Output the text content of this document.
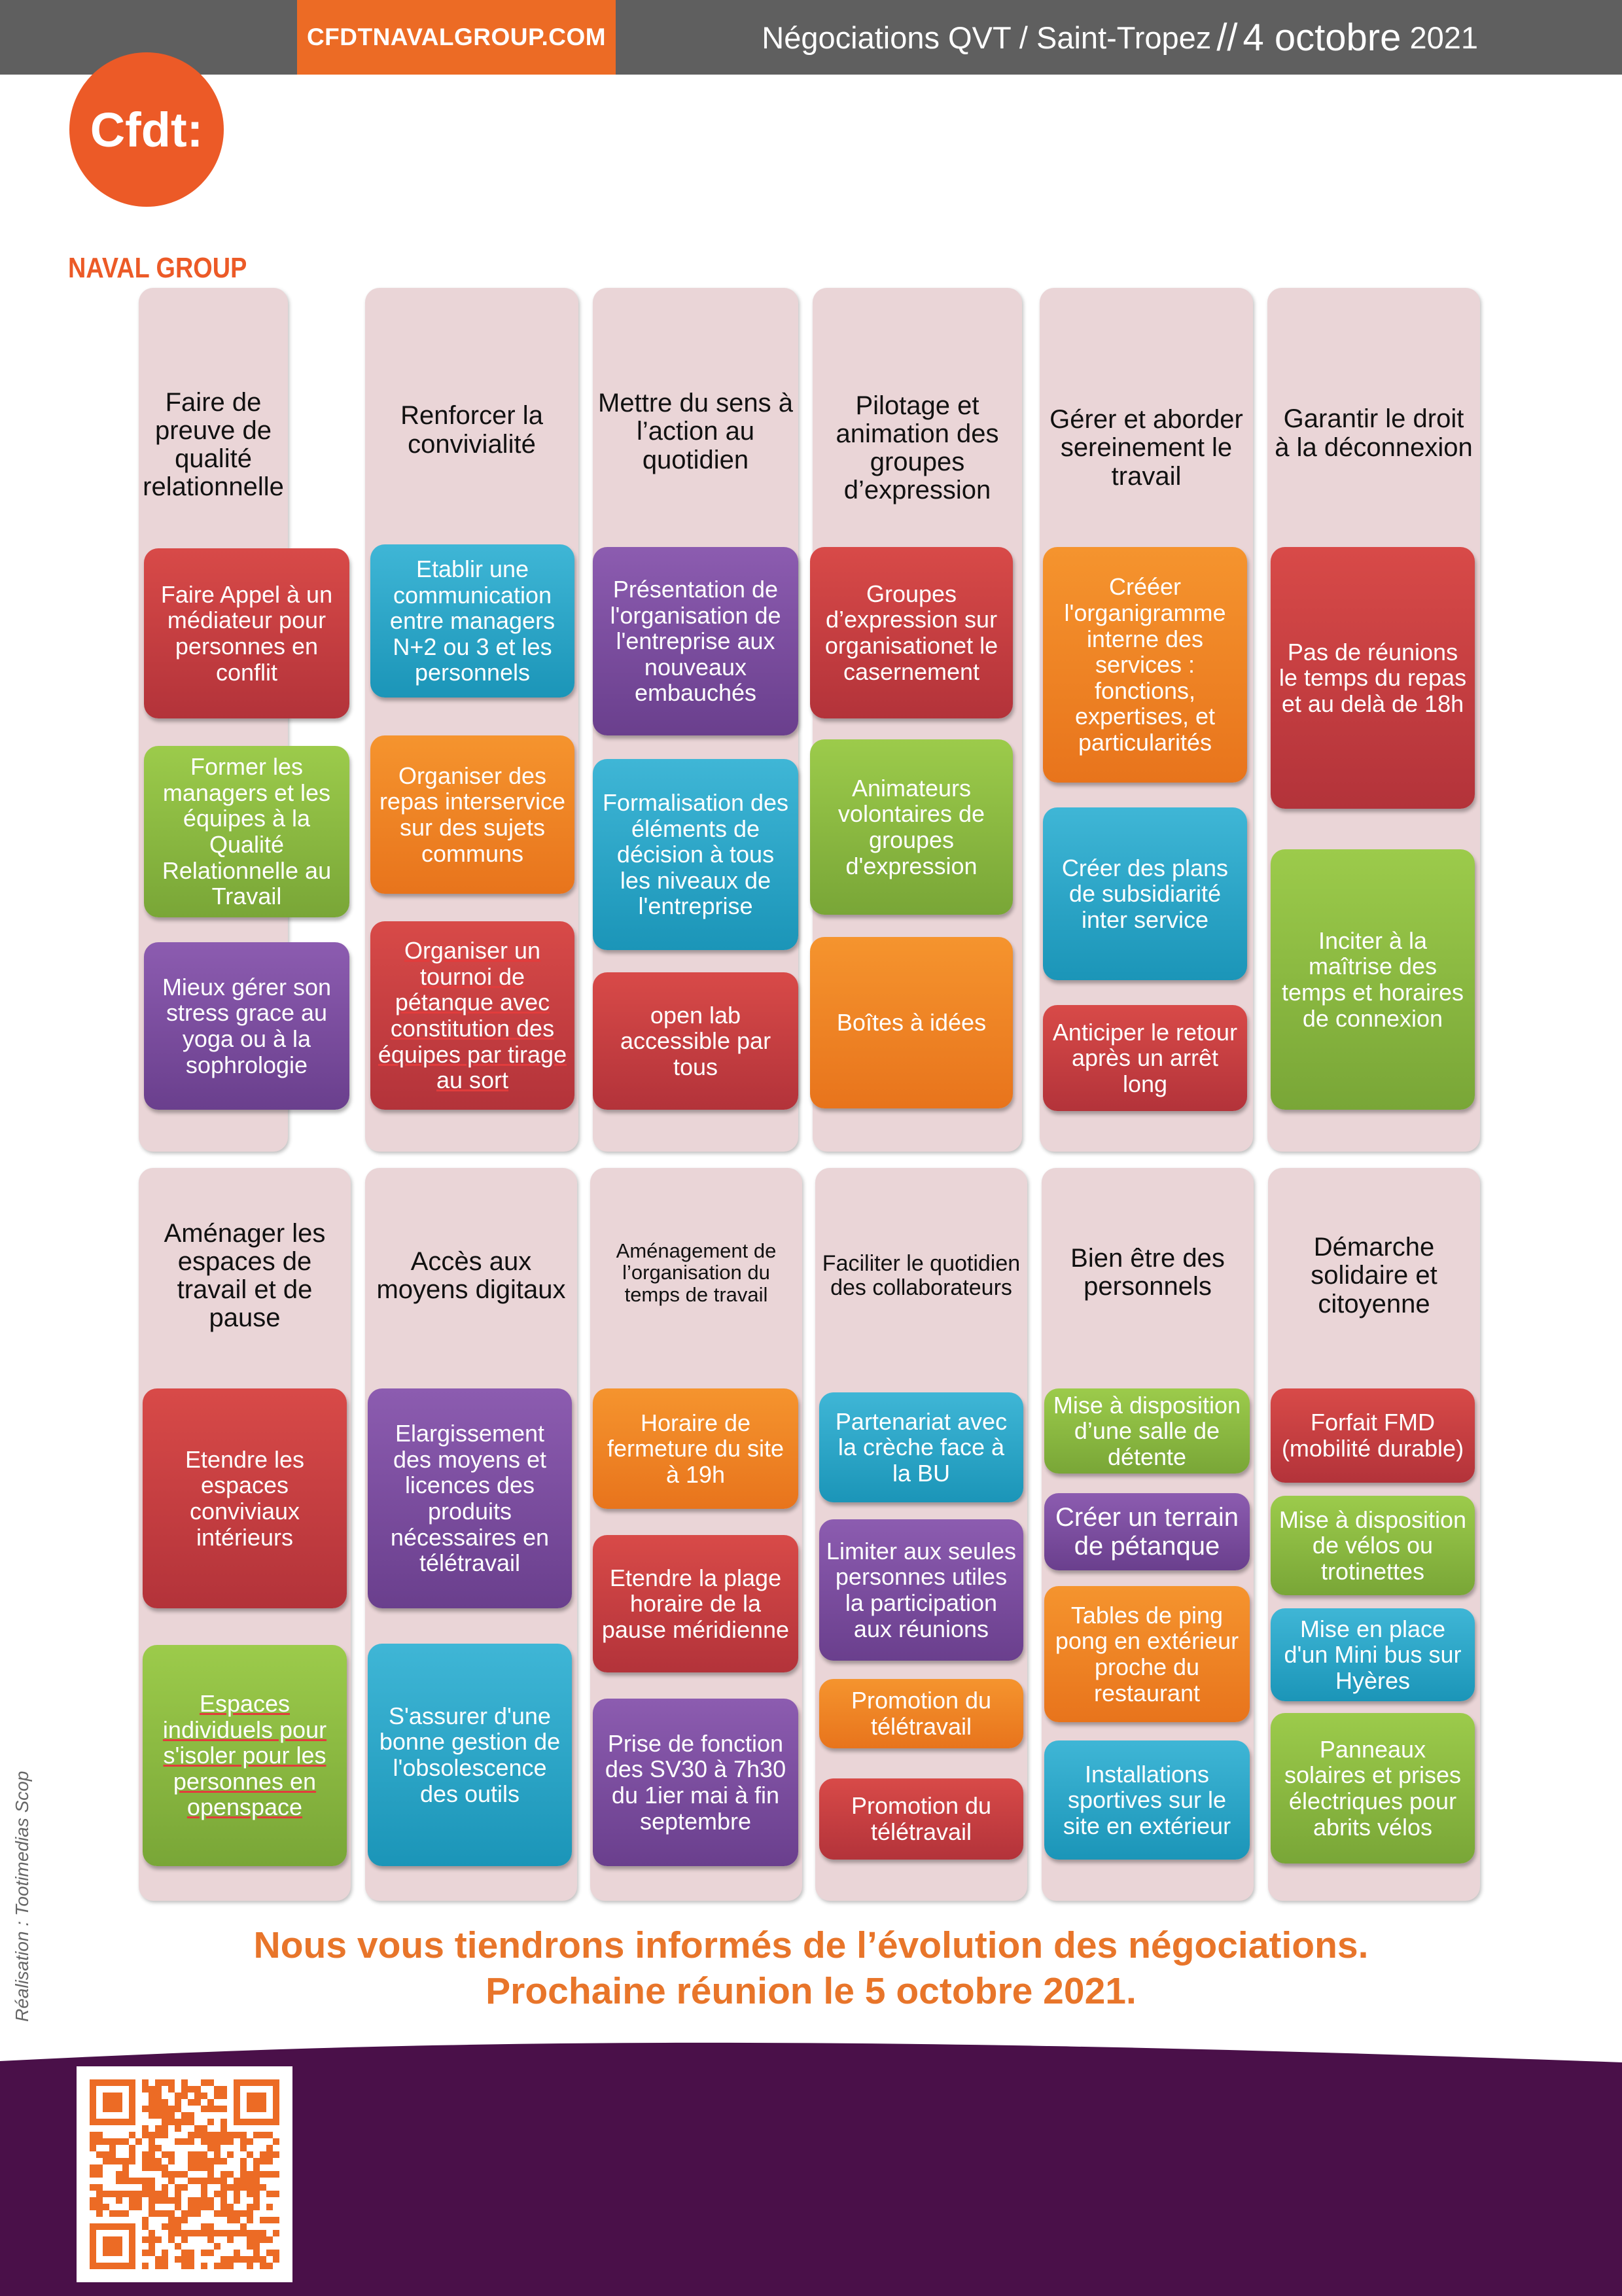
CFDTNAVALGROUP.COM	Négociations QVT / Saint-Tropez // 4 octobre
2021
Cfdt:
NAVAL GROUP
Faire de preuve de qualité relationnelle
Faire Appel à un médiateur pour personnes en conflit
Former les managers et les équipes à la Qualité Relationnelle au Travail
Mieux gérer son stress grace au yoga ou à la sophrologie
Renforcer la convivialité
Etablir une communication entre managers N+2 ou 3 et les personnels
Organiser des repas interservice sur des sujets communs
Organiser un tournoi de pétanque avec constitution des équipes par tirage au sort
Mettre du sens à l’action au quotidien
Présentation de l'organisation de l'entreprise aux nouveaux embauchés
Formalisation des éléments de décision à tous les niveaux de l'entreprise
open lab accessible par tous
Pilotage et animation des groupes d’expression
Groupes d’expression sur organisationet le casernement
Animateurs volontaires de groupes d'expression
Boîtes à idées
Gérer et aborder sereinement le travail
Crééer l'organigramme interne des services : fonctions, expertises, et particularités
Créer des plans de subsidiarité inter service
Anticiper le retour après un arrêt long
Garantir le droit à la déconnexion
Pas de réunions le temps du repas et au delà de 18h
Inciter à la maîtrise des temps et horaires de connexion
Aménager les espaces de travail et de pause
Etendre les espaces conviviaux intérieurs
Espaces individuels pour s'isoler pour les personnes en openspace
Accès aux moyens digitaux
Elargissement des moyens et licences des produits nécessaires en télétravail
S'assurer d'une bonne gestion de l'obsolescence des outils
Aménagement de l’organisation du temps de travail
Horaire de fermeture du site à 19h
Etendre la plage horaire de la pause méridienne
Prise de fonction des SV30 à 7h30 du 1ier mai à fin septembre
Faciliter le quotidien des collaborateurs
Partenariat avec la crèche face à la BU
Limiter aux seules personnes utiles la participation aux réunions
Promotion du télétravail
Promotion du télétravail
Bien être des personnels
Mise à disposition d’une salle de détente
Créer un terrain de pétanque
Tables de ping pong en extérieur proche du restaurant
Installations sportives sur le site en extérieur
Démarche solidaire et citoyenne
Forfait FMD (mobilité durable)
Mise à disposition de vélos ou trotinettes
Mise en place d'un Mini bus sur Hyères
Panneaux solaires et prises électriques pour abrits vélos
Réalisation : Tootimedias Scop	Nous vous tiendrons informés de l’évolution des négociations.
Prochaine réunion le 5 octobre 2021.
